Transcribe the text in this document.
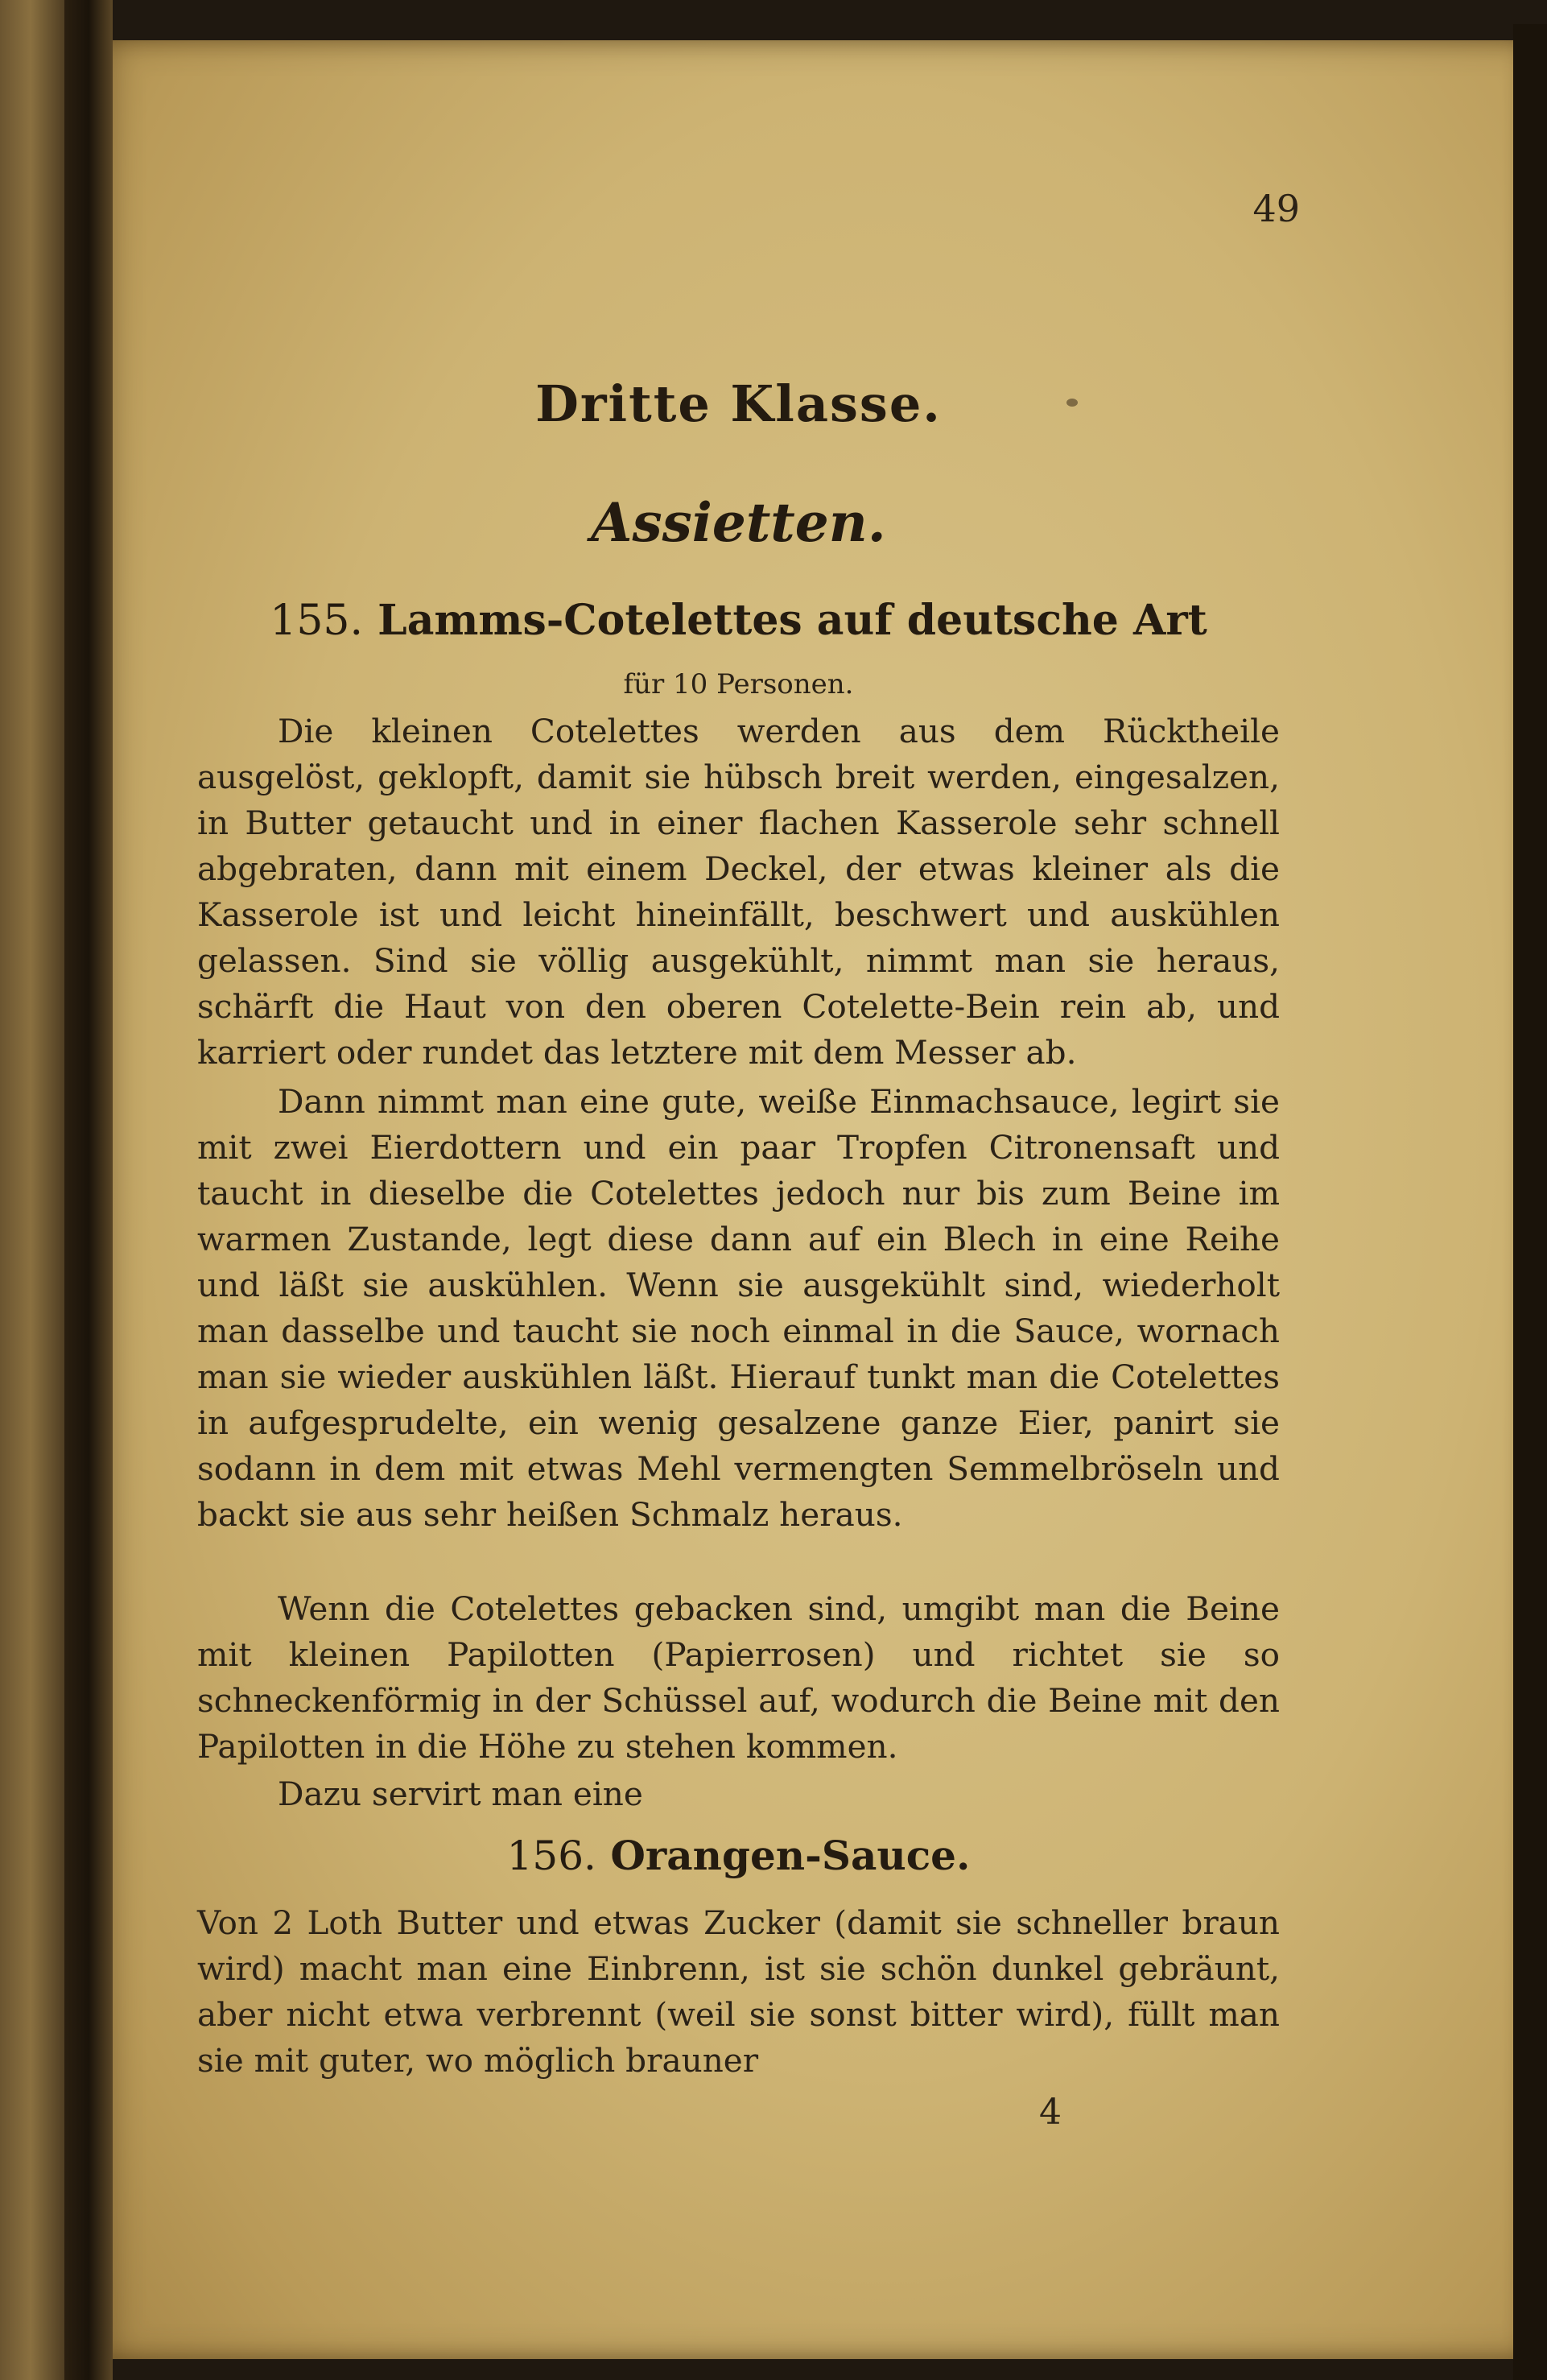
49
Dritte Klasse.
Assietten.
155. Lamms-Cotelettes auf deutsche Art
für 10 Personen.
Die kleinen Cotelettes werden aus dem Rücktheile ausgelöst, geklopft, damit sie hübsch breit werden, eingesalzen, in Butter getaucht und in einer flachen Kasserole sehr schnell abgebraten, dann mit einem Deckel, der etwas kleiner als die Kasserole ist und leicht hineinfällt, beschwert und auskühlen gelassen. Sind sie völlig ausgekühlt, nimmt man sie heraus, schärft die Haut von den oberen Cotelette-Bein rein ab, und karriert oder rundet das letztere mit dem Messer ab.
Dann nimmt man eine gute, weiße Einmachsauce, legirt sie mit zwei Eierdottern und ein paar Tropfen Citronensaft und taucht in dieselbe die Cotelettes jedoch nur bis zum Beine im warmen Zustande, legt diese dann auf ein Blech in eine Reihe und läßt sie auskühlen. Wenn sie ausgekühlt sind, wiederholt man dasselbe und taucht sie noch einmal in die Sauce, wornach man sie wieder auskühlen läßt. Hierauf tunkt man die Cotelettes in aufgesprudelte, ein wenig gesalzene ganze Eier, panirt sie sodann in dem mit etwas Mehl vermengten Semmelbröseln und backt sie aus sehr heißen Schmalz heraus.
Wenn die Cotelettes gebacken sind, umgibt man die Beine mit kleinen Papilotten (Papierrosen) und richtet sie so schneckenförmig in der Schüssel auf, wodurch die Beine mit den Papilotten in die Höhe zu stehen kommen.
Dazu servirt man eine
156. Orangen-Sauce.
Von 2 Loth Butter und etwas Zucker (damit sie schneller braun wird) macht man eine Einbrenn, ist sie schön dunkel gebräunt, aber nicht etwa verbrennt (weil sie sonst bitter wird), füllt man sie mit guter, wo möglich brauner
4
